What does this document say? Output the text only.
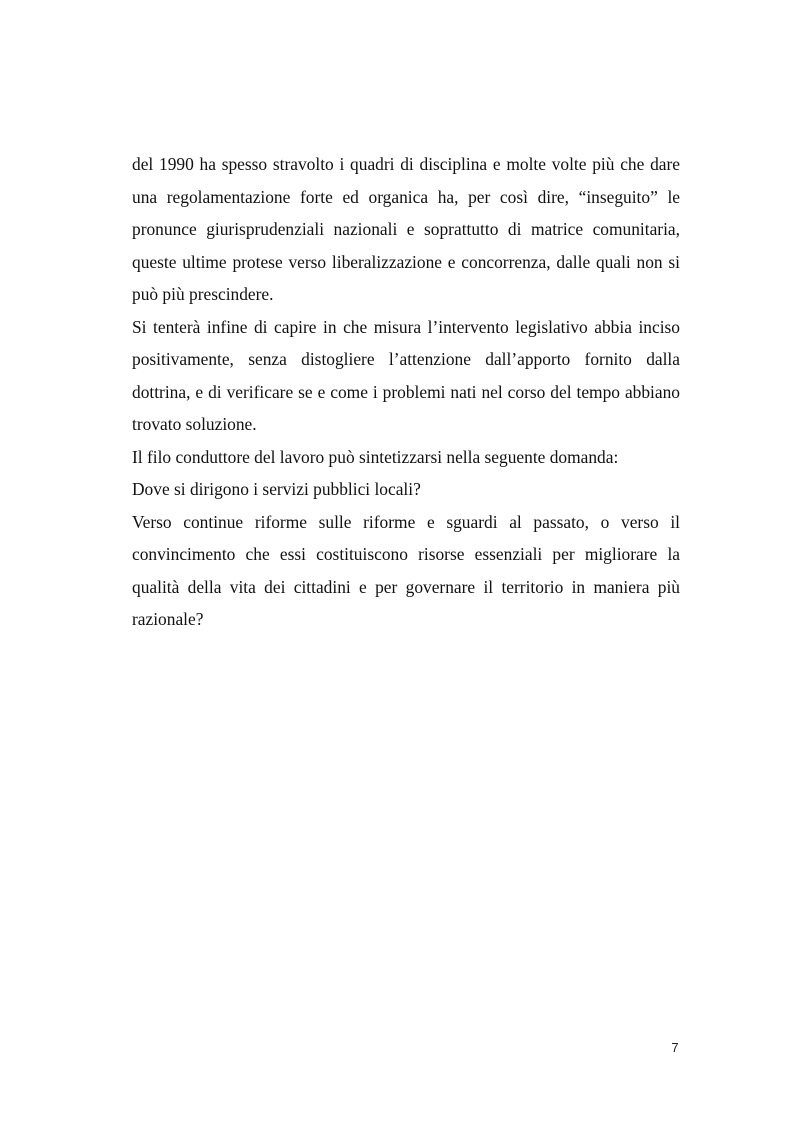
del 1990 ha spesso stravolto i quadri di disciplina e molte volte più che dare una regolamentazione forte ed organica ha, per così dire, “inseguito” le pronunce giurisprudenziali nazionali e soprattutto di matrice comunitaria, queste ultime protese verso liberalizzazione e concorrenza, dalle quali non si può più prescindere.

Si tenterà infine di capire in che misura l’intervento legislativo abbia inciso positivamente, senza distogliere l’attenzione dall’apporto fornito dalla dottrina, e di verificare se e come i problemi nati nel corso del tempo abbiano trovato soluzione.

Il filo conduttore del lavoro può sintetizzarsi nella seguente domanda:

Dove si dirigono i servizi pubblici locali?

Verso continue riforme sulle riforme e sguardi al passato, o verso il convincimento che essi costituiscono risorse essenziali per migliorare la qualità della vita dei cittadini e per governare il territorio in maniera più razionale?

7
